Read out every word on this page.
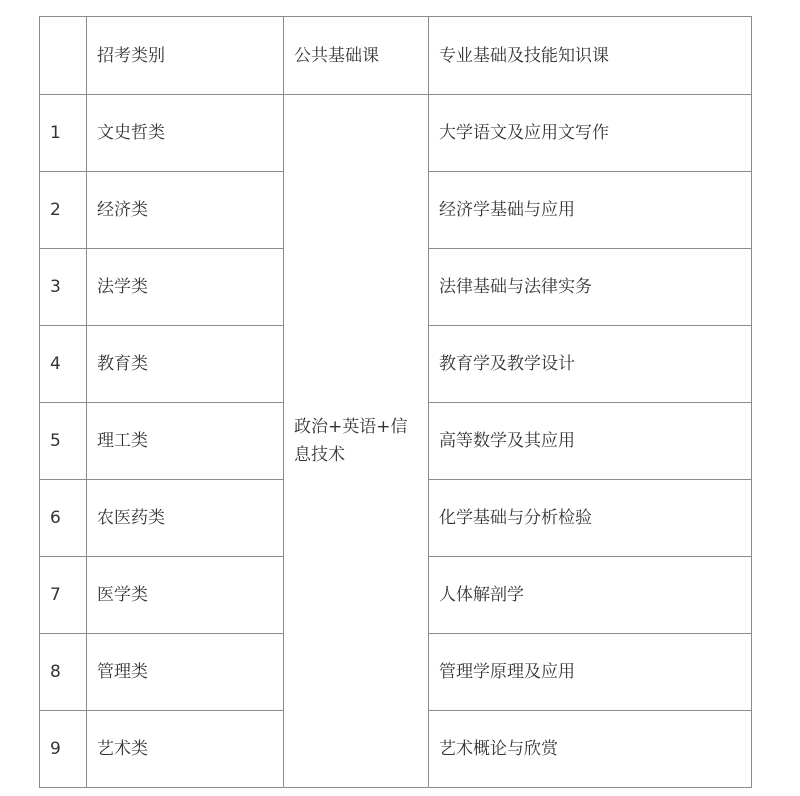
	招考类别	公共基础课	专业基础及技能知识课
1	文史哲类	政治+英语+信息技术	大学语文及应用文写作
2	经济类		经济学基础与应用
3	法学类		法律基础与法律实务
4	教育类		教育学及教学设计
5	理工类		高等数学及其应用
6	农医药类		化学基础与分析检验
7	医学类		人体解剖学
8	管理类		管理学原理及应用
9	艺术类		艺术概论与欣赏
